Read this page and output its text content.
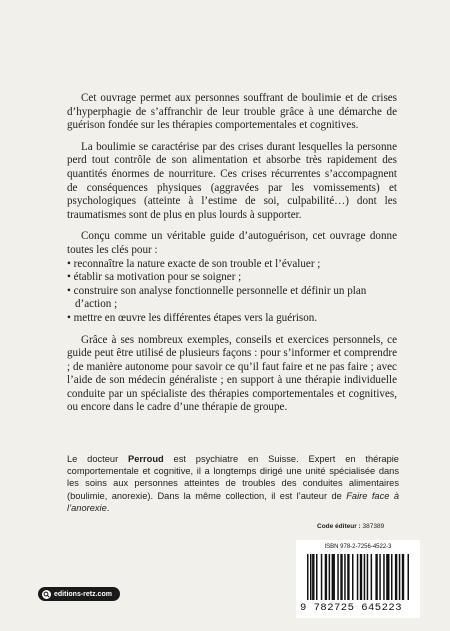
Cet ouvrage permet aux personnes souffrant de boulimie et de crises d’hyperphagie de s’affranchir de leur trouble grâce à une démarche de guérison fondée sur les thérapies comportementales et cognitives.

La boulimie se caractérise par des crises durant lesquelles la personne perd tout contrôle de son alimentation et absorbe très rapidement des quantités énormes de nourriture. Ces crises récurrentes s’accompagnent de conséquences physiques (aggravées par les vomissements) et psychologiques (atteinte à l’estime de soi, culpabilité…) dont les traumatismes sont de plus en plus lourds à supporter.

Conçu comme un véritable guide d’autoguérison, cet ouvrage donne toutes les clés pour :

• reconnaître la nature exacte de son trouble et l’évaluer ;
• établir sa motivation pour se soigner ;
• construire son analyse fonctionnelle personnelle et définir un plan d’action ;
• mettre en œuvre les différentes étapes vers la guérison.

Grâce à ses nombreux exemples, conseils et exercices personnels, ce guide peut être utilisé de plusieurs façons : pour s’informer et comprendre ; de manière autonome pour savoir ce qu’il faut faire et ne pas faire ; avec l’aide de son médecin généraliste ; en support à une thérapie individuelle conduite par un spécialiste des thérapies comportementales et cognitives, ou encore dans le cadre d’une thérapie de groupe.

Le docteur Perroud est psychiatre en Suisse. Expert en thérapie comportementale et cognitive, il a longtemps dirigé une unité spécialisée dans les soins aux personnes atteintes de troubles des conduites alimentaires (boulimie, anorexie). Dans la même collection, il est l’auteur de Faire face à l’anorexie.
Code éditeur : 387389
ISBN 978-2-7256-4522-3
9 782725 645223
editions-retz.com
